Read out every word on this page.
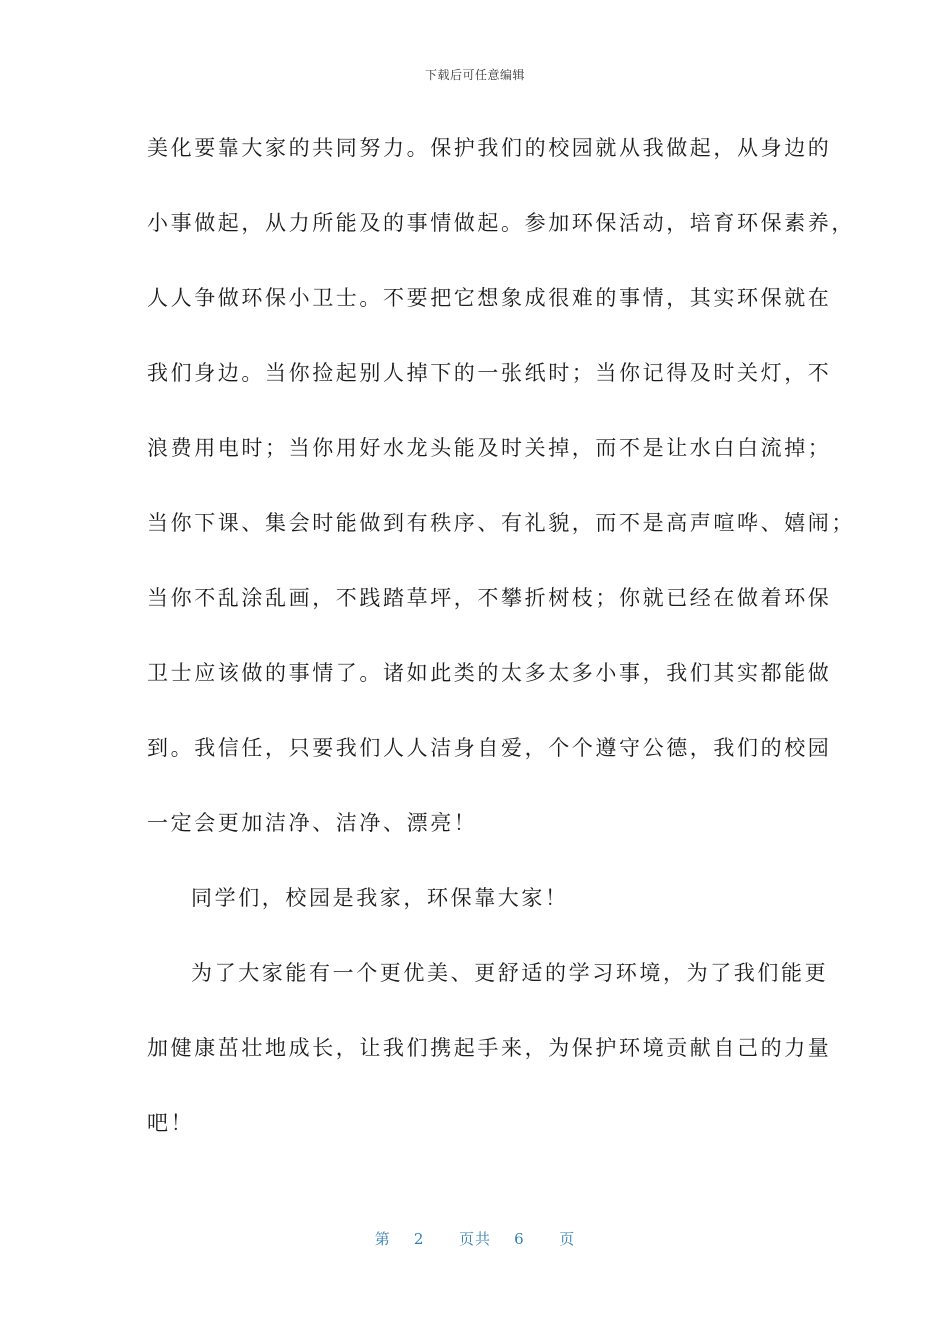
下载后可任意编辑
美化要靠大家的共同努力。保护我们的校园就从我做起，从身边的
小事做起，从力所能及的事情做起。参加环保活动，培育环保素养，
人人争做环保小卫士。不要把它想象成很难的事情，其实环保就在
我们身边。当你捡起别人掉下的一张纸时；当你记得及时关灯，不
浪费用电时；当你用好水龙头能及时关掉，而不是让水白白流掉；
当你下课、集会时能做到有秩序、有礼貌，而不是高声喧哗、嬉闹；
当你不乱涂乱画，不践踏草坪，不攀折树枝；你就已经在做着环保
卫士应该做的事情了。诸如此类的太多太多小事，我们其实都能做
到。我信任，只要我们人人洁身自爱，个个遵守公德，我们的校园
一定会更加洁净、洁净、漂亮！
同学们，校园是我家，环保靠大家！
为了大家能有一个更优美、更舒适的学习环境，为了我们能更
加健康茁壮地成长，让我们携起手来，为保护环境贡献自己的力量
吧！
第 2 页共 6 页
